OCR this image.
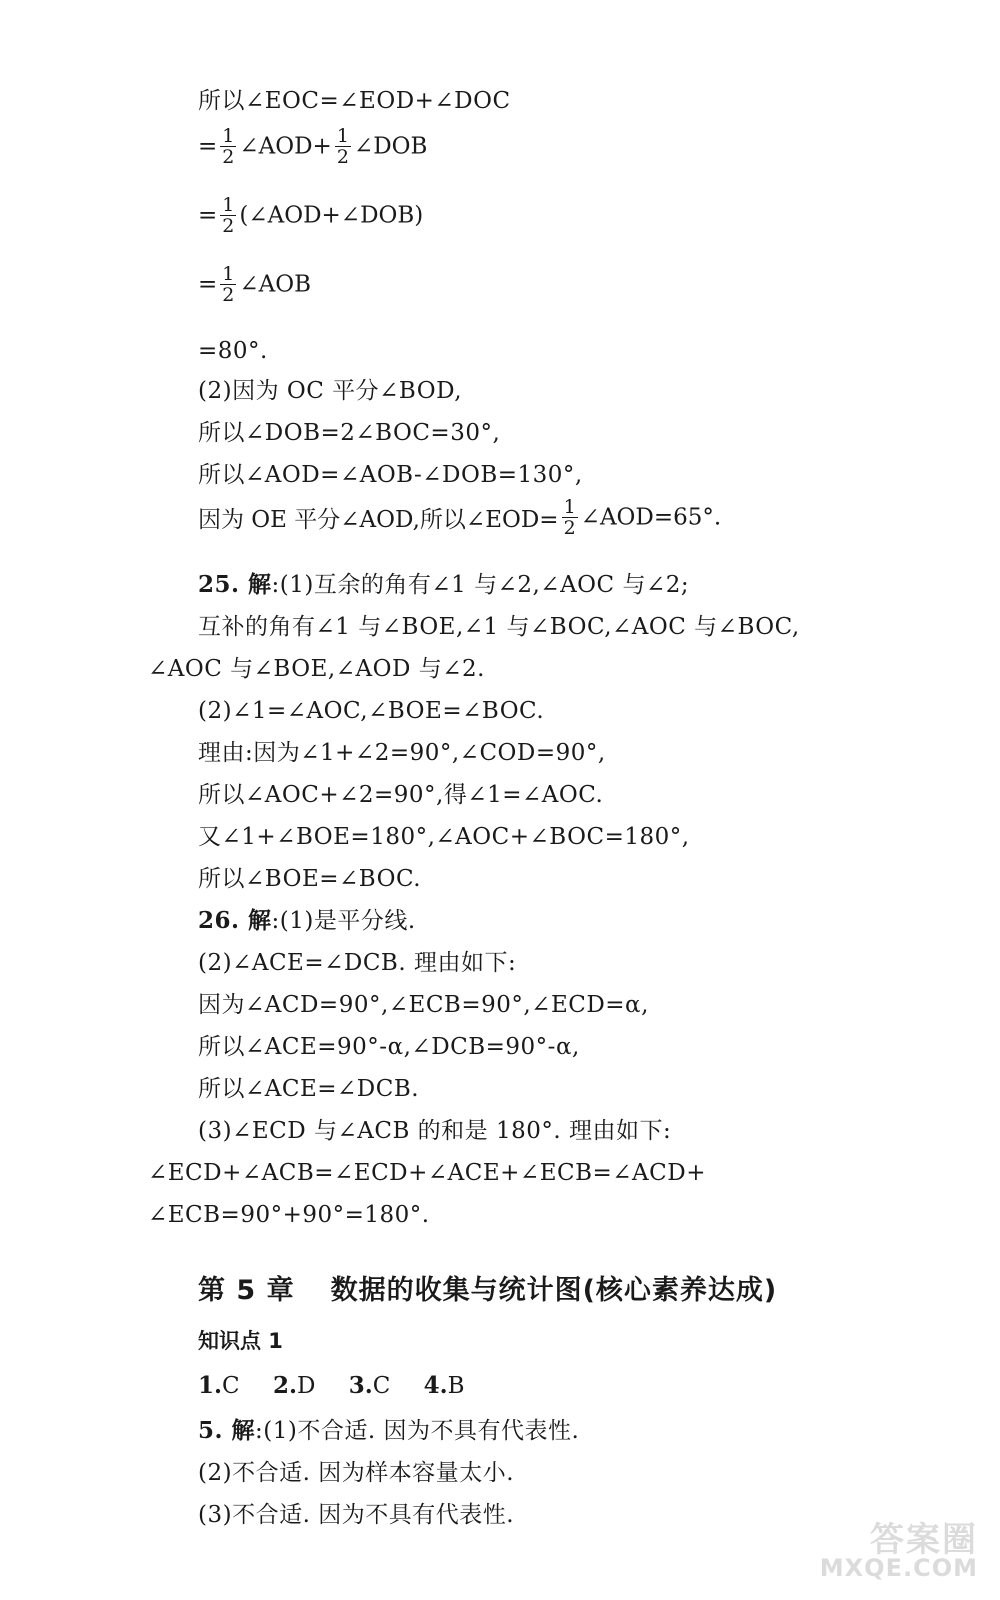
所以∠EOC=∠EOD+∠DOC
= $\frac{1}{2}$ ∠AOD+ $\frac{1}{2}$ ∠DOB
= $\frac{1}{2}$ (∠AOD+∠DOB)
= $\frac{1}{2}$ ∠AOB
=80°.
(2)因为 OC 平分∠BOD,
所以∠DOB=2∠BOC=30°,
所以∠AOD=∠AOB-∠DOB=130°,
因为 OE 平分∠AOD,所以∠EOD= $\frac{1}{2}$ ∠AOD=65°.
25. 解:(1)互余的角有∠1 与∠2,∠AOC 与∠2;
互补的角有∠1 与∠BOE,∠1 与∠BOC,∠AOC 与∠BOC,
∠AOC 与∠BOE,∠AOD 与∠2.
(2)∠1=∠AOC,∠BOE=∠BOC.
理由:因为∠1+∠2=90°,∠COD=90°,
所以∠AOC+∠2=90°,得∠1=∠AOC.
又∠1+∠BOE=180°,∠AOC+∠BOC=180°,
所以∠BOE=∠BOC.
26. 解:(1)是平分线.
(2)∠ACE=∠DCB. 理由如下:
因为∠ACD=90°,∠ECB=90°,∠ECD=α,
所以∠ACE=90°-α,∠DCB=90°-α,
所以∠ACE=∠DCB.
(3)∠ECD 与∠ACB 的和是 180°. 理由如下:
∠ECD+∠ACB=∠ECD+∠ACE+∠ECB=∠ACD+
∠ECB=90°+90°=180°.
第 5 章 数据的收集与统计图(核心素养达成)
知识点 1
1.C 2.D 3.C 4.B
5. 解:(1)不合适. 因为不具有代表性.
(2)不合适. 因为样本容量太小.
(3)不合适. 因为不具有代表性.
答案圈
MXQE.COM
